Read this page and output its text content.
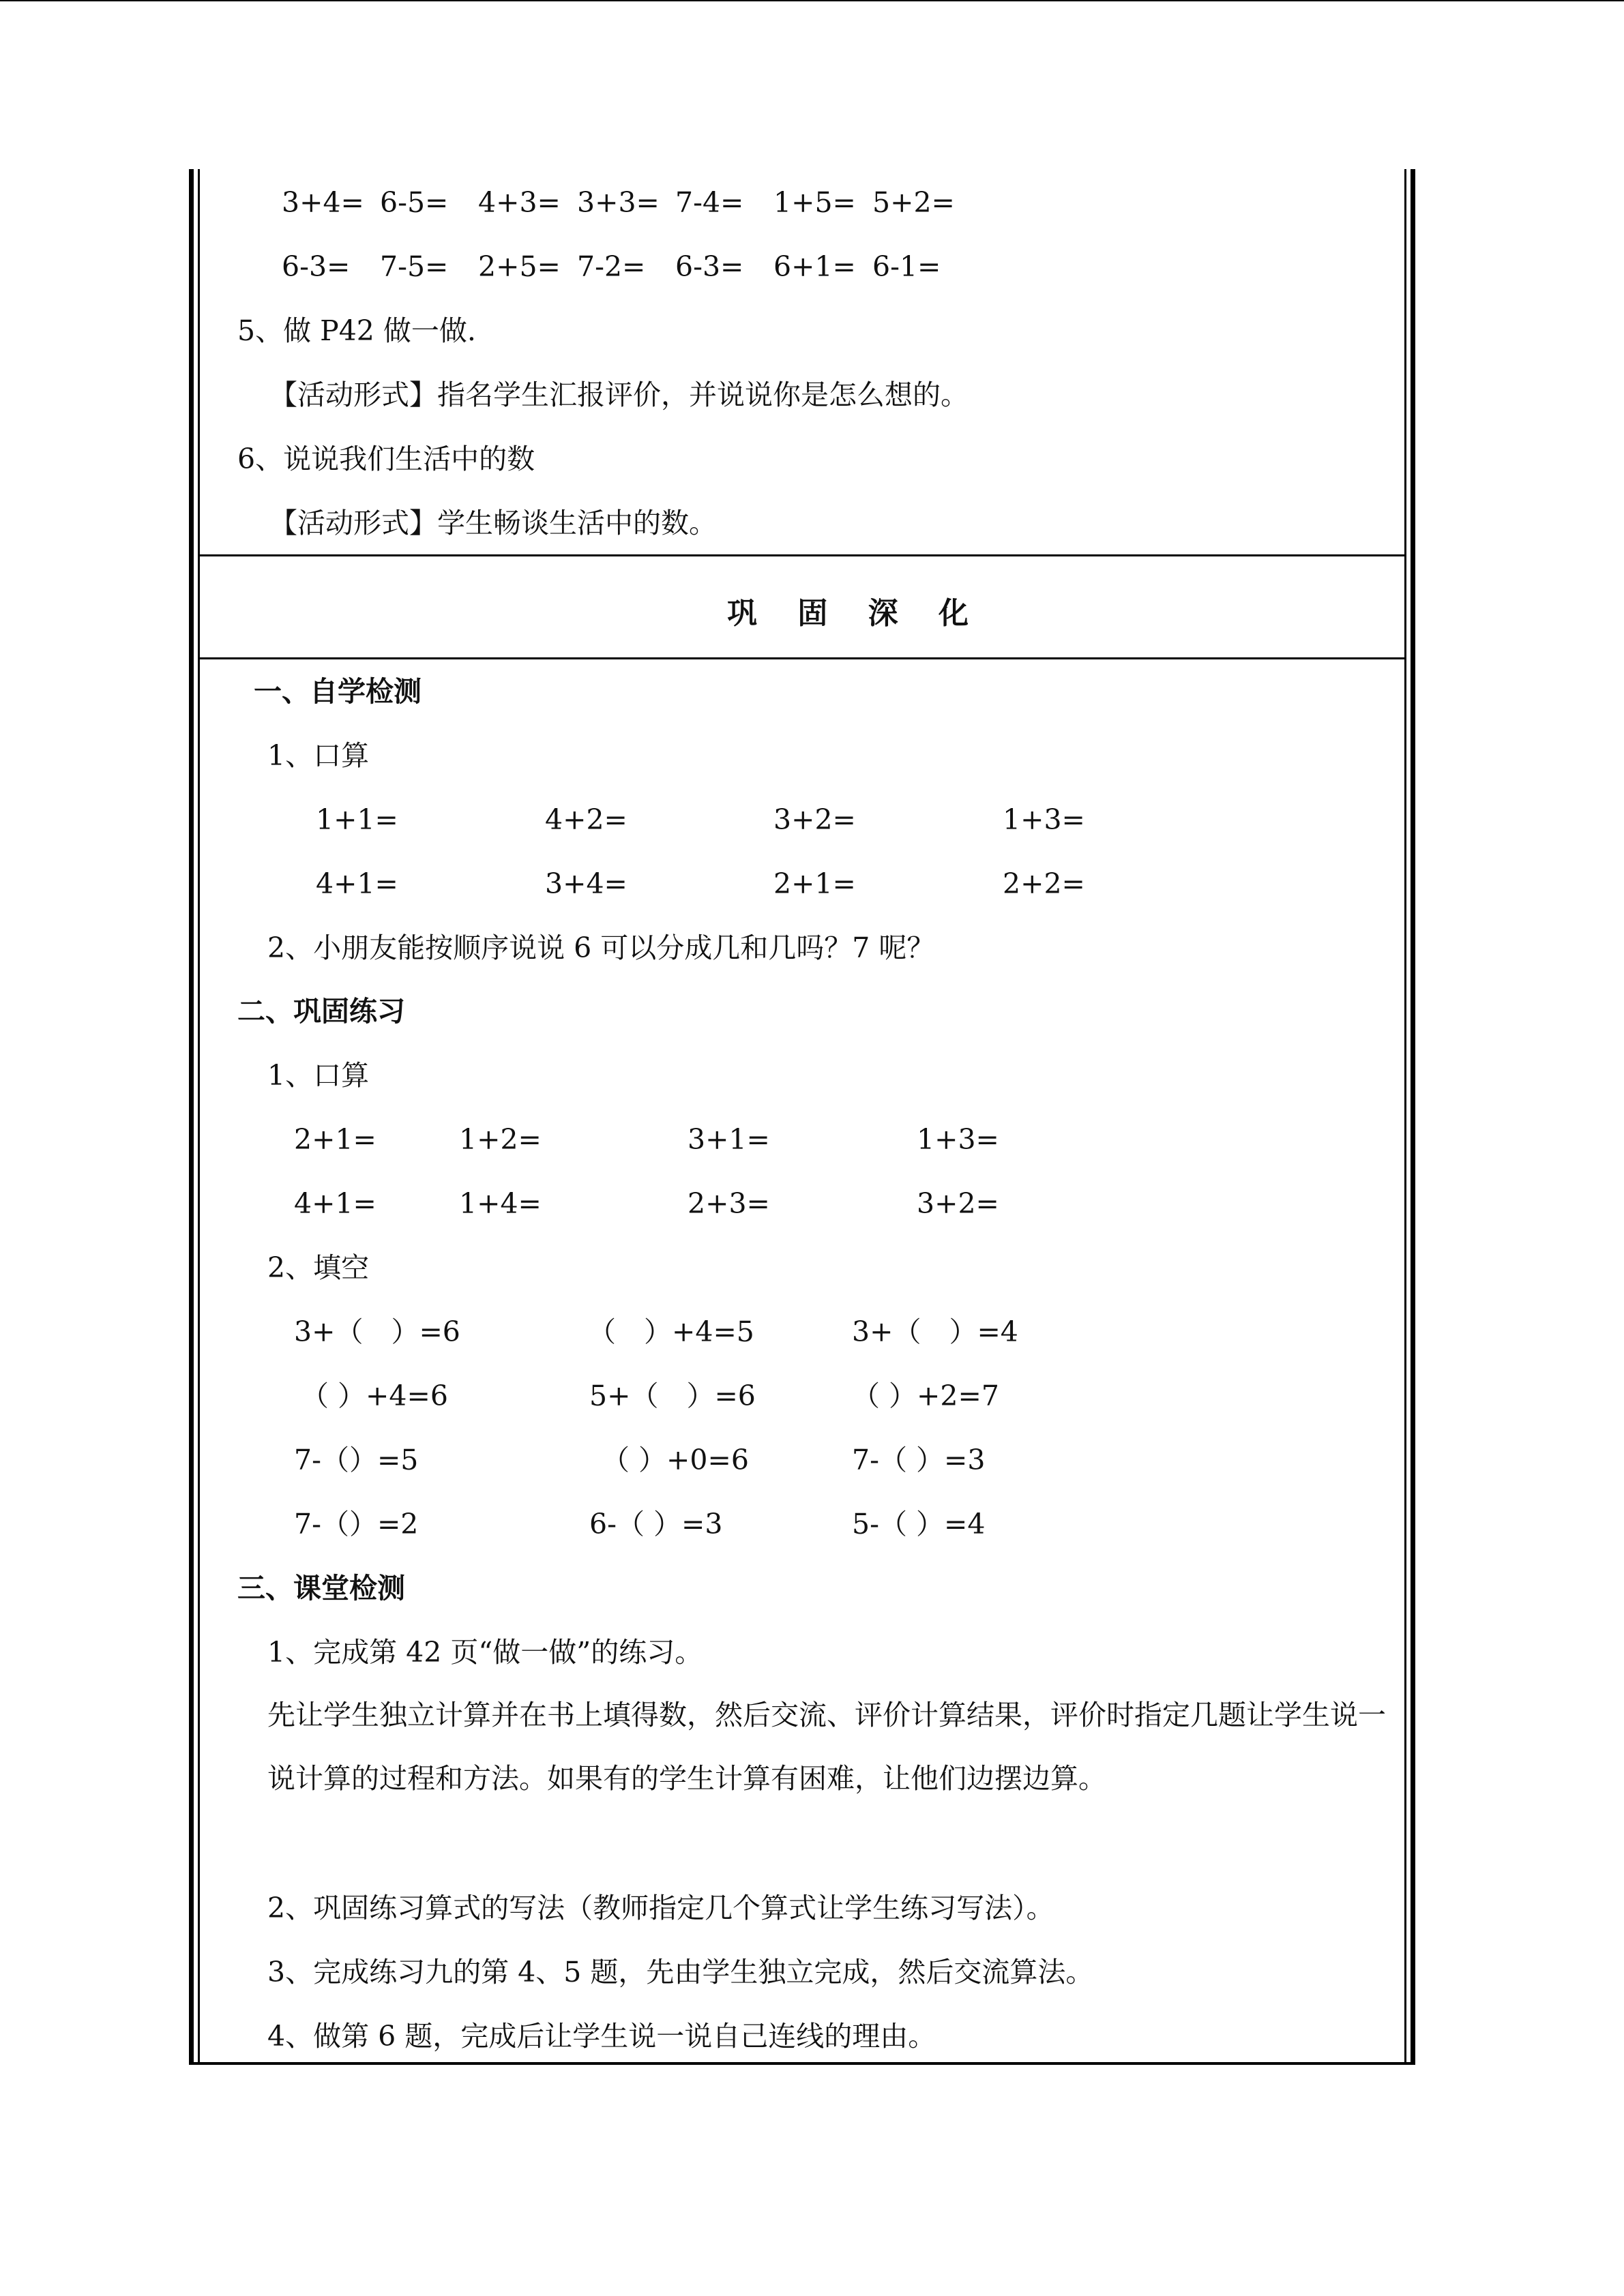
3+4= 6-5= 4+3= 3+3= 7-4= 1+5= 5+2=
6-3= 7-5= 2+5= 7-2= 6-3= 6+1= 6-1=
5、做 P42 做一做.
【活动形式】指名学生汇报评价，并说说你是怎么想的。
6、说说我们生活中的数
【活动形式】学生畅谈生活中的数。
巩 固 深 化
一、自学检测
1、口算
1+1=	4+2=	3+2=	1+3=
4+1=	3+4=	2+1=	2+2=
2、小朋友能按顺序说说 6 可以分成几和几吗？7 呢？
二、巩固练习
1、口算
2+1=	1+2=	3+1=	1+3=
4+1=	1+4=	2+3=	3+2=
2、填空
3+（　）=6	（　）+4=5	3+（　）=4
（ ）+4=6	5+（　）=6	（ ）+2=7
7-（）=5	（ ）+0=6	7-（ ）=3
7-（）=2	6-（ ）=3	5-（ ）=4
三、课堂检测
1、完成第 42 页“做一做”的练习。
先让学生独立计算并在书上填得数，然后交流、评价计算结果，评价时指定几题让学生说一说计算的过程和方法。如果有的学生计算有困难，让他们边摆边算。
2、巩固练习算式的写法（教师指定几个算式让学生练习写法）。
3、完成练习九的第 4、5 题，先由学生独立完成，然后交流算法。
4、做第 6 题，完成后让学生说一说自己连线的理由。
